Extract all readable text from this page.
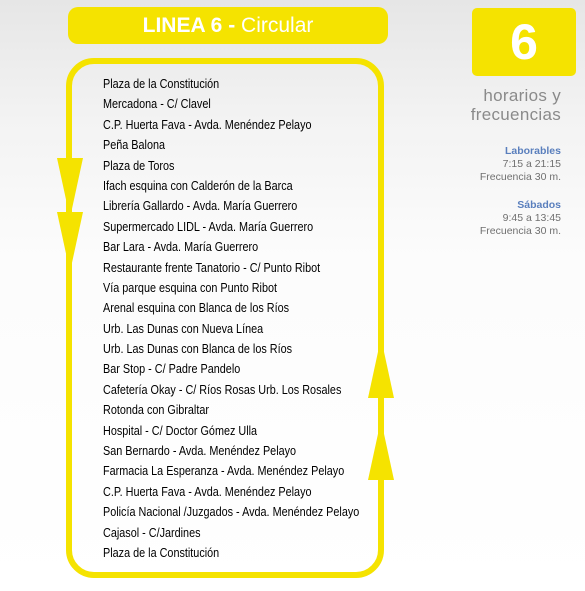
LINEA 6 - Circular
Plaza de la Constitución
Mercadona - C/ Clavel
C.P. Huerta Fava - Avda. Menéndez Pelayo
Peña Balona
Plaza de Toros
Ifach esquina con Calderón de la Barca
Librería Gallardo - Avda. María Guerrero
Supermercado LIDL - Avda. María Guerrero
Bar Lara - Avda. María Guerrero
Restaurante frente Tanatorio - C/ Punto Ribot
Vía parque esquina con Punto Ribot
Arenal esquina con Blanca de los Ríos
Urb. Las Dunas con Nueva Línea
Urb. Las Dunas con Blanca de los Ríos
Bar Stop - C/ Padre Pandelo
Cafetería Okay - C/ Ríos Rosas Urb. Los Rosales
Rotonda con Gibraltar
Hospital - C/ Doctor Gómez Ulla
San Bernardo - Avda. Menéndez Pelayo
Farmacia La Esperanza - Avda. Menéndez Pelayo
C.P. Huerta Fava - Avda. Menéndez Pelayo
Policía Nacional /Juzgados - Avda. Menéndez Pelayo
Cajasol - C/Jardines
Plaza de la Constitución
6
horarios y
frecuencias
Laborables
7:15 a 21:15
Frecuencia 30 m.
Sábados
9:45 a 13:45
Frecuencia 30 m.
